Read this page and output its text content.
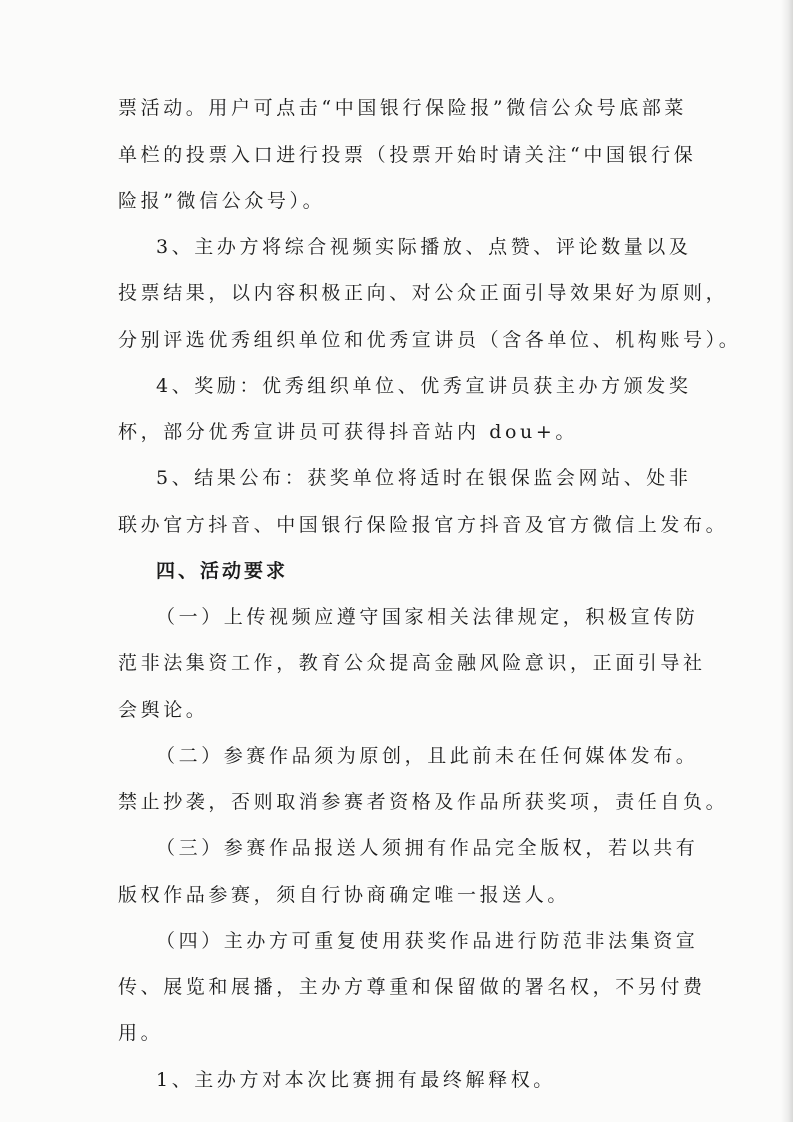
票活动。用户可点击“中国银行保险报”微信公众号底部菜
单栏的投票入口进行投票（投票开始时请关注“中国银行保
险报”微信公众号）。
3、主办方将综合视频实际播放、点赞、评论数量以及
投票结果，以内容积极正向、对公众正面引导效果好为原则，
分别评选优秀组织单位和优秀宣讲员（含各单位、机构账号）。
4、奖励：优秀组织单位、优秀宣讲员获主办方颁发奖
杯，部分优秀宣讲员可获得抖音站内 dou+。
5、结果公布：获奖单位将适时在银保监会网站、处非
联办官方抖音、中国银行保险报官方抖音及官方微信上发布。
四、活动要求
（一）上传视频应遵守国家相关法律规定，积极宣传防
范非法集资工作，教育公众提高金融风险意识，正面引导社
会舆论。
（二）参赛作品须为原创，且此前未在任何媒体发布。
禁止抄袭，否则取消参赛者资格及作品所获奖项，责任自负。
（三）参赛作品报送人须拥有作品完全版权，若以共有
版权作品参赛，须自行协商确定唯一报送人。
（四）主办方可重复使用获奖作品进行防范非法集资宣
传、展览和展播，主办方尊重和保留做的署名权，不另付费
用。
1、主办方对本次比赛拥有最终解释权。
